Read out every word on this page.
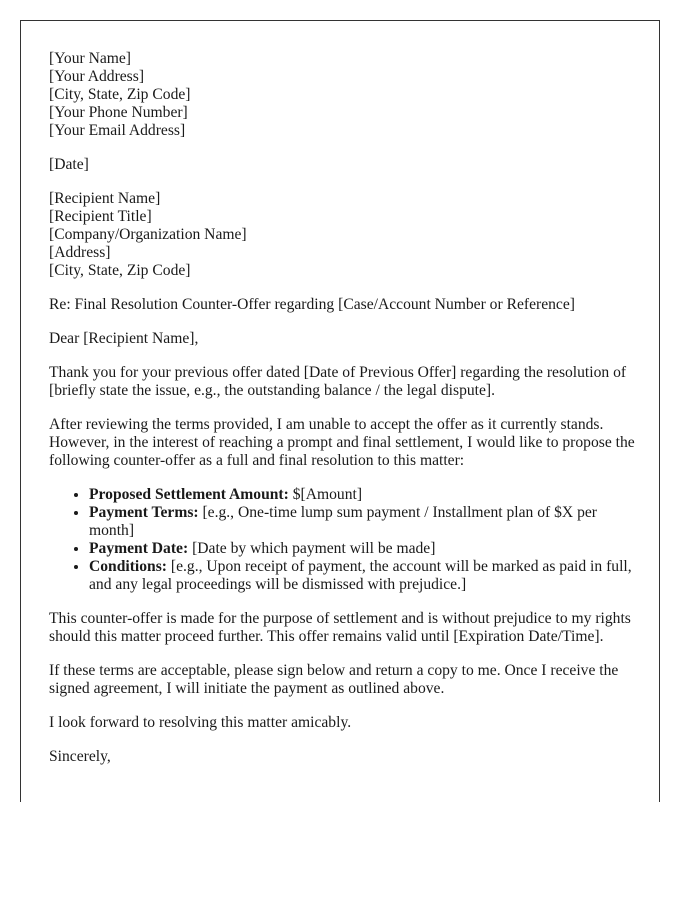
[Your Name]
[Your Address]
[City, State, Zip Code]
[Your Phone Number]
[Your Email Address]
[Date]
[Recipient Name]
[Recipient Title]
[Company/Organization Name]
[Address]
[City, State, Zip Code]

Re: Final Resolution Counter-Offer regarding [Case/Account Number or Reference]

Dear [Recipient Name],

Thank you for your previous offer dated [Date of Previous Offer] regarding the resolution of [briefly state the issue, e.g., the outstanding balance / the legal dispute].

After reviewing the terms provided, I am unable to accept the offer as it currently stands. However, in the interest of reaching a prompt and final settlement, I would like to propose the following counter-offer as a full and final resolution to this matter:

• Proposed Settlement Amount: $[Amount]
• Payment Terms: [e.g., One-time lump sum payment / Installment plan of $X per month]
• Payment Date: [Date by which payment will be made]
• Conditions: [e.g., Upon receipt of payment, the account will be marked as paid in full, and any legal proceedings will be dismissed with prejudice.]

This counter-offer is made for the purpose of settlement and is without prejudice to my rights should this matter proceed further. This offer remains valid until [Expiration Date/Time].

If these terms are acceptable, please sign below and return a copy to me. Once I receive the signed agreement, I will initiate the payment as outlined above.

I look forward to resolving this matter amicably.

Sincerely,
